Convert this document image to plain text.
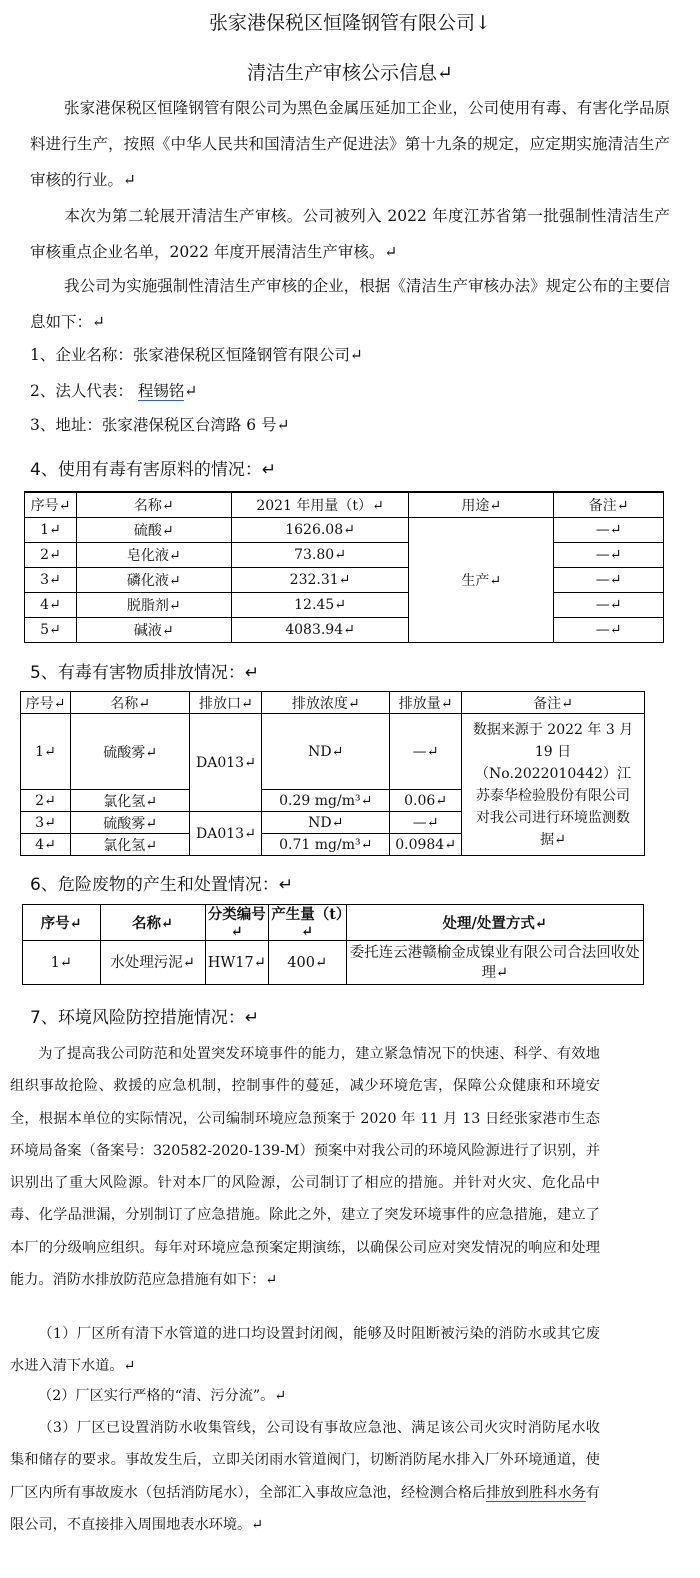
张家港保税区恒隆钢管有限公司↓
清洁生产审核公示信息↵
张家港保税区恒隆钢管有限公司为黑色金属压延加工企业，公司使用有毒、有害化学品原料进行生产，按照《中华人民共和国清洁生产促进法》第十九条的规定，应定期实施清洁生产审核的行业。↵
本次为第二轮展开清洁生产审核。公司被列入 2022 年度江苏省第一批强制性清洁生产审核重点企业名单，2022 年度开展清洁生产审核。↵
我公司为实施强制性清洁生产审核的企业，根据《清洁生产审核办法》规定公布的主要信息如下：↵
1、企业名称：张家港保税区恒隆钢管有限公司↵
2、法人代表： 程锡铭↵
3、地址：张家港保税区台湾路 6 号↵
4、使用有毒有害原料的情况：↵
序号↵	名称↵	2021 年用量（t）↵	用途↵	备注↵
1↵	硫酸↵	1626.08↵	生产↵	—↵
2↵	皂化液↵	73.80↵		—↵
3↵	磷化液↵	232.31↵		—↵
4↵	脱脂剂↵	12.45↵		—↵
5↵	碱液↵	4083.94↵		—↵
5、有毒有害物质排放情况：↵
序号↵	名称↵	排放口↵	排放浓度↵	排放量↵	备注↵
1↵	硫酸雾↵	DA013↵	ND↵	—↵	数据来源于 2022 年 3 月 19 日（No.2022010442）江苏泰华检验股份有限公司对我公司进行环境监测数据↵
2↵	氯化氢↵		0.29 mg/m³↵	0.06↵	
3↵	硫酸雾↵	DA013↵	ND↵	—↵	
4↵	氯化氢↵		0.71 mg/m³↵	0.0984↵	
6、危险废物的产生和处置情况：↵
序号↵	名称↵	分类编号↵	产生量（t）↵	处理/处置方式↵
1↵	水处理污泥↵	HW17↵	400↵	委托连云港赣榆金成镍业有限公司合法回收处理↵
7、环境风险防控措施情况：↵
为了提高我公司防范和处置突发环境事件的能力，建立紧急情况下的快速、科学、有效地组织事故抢险、救援的应急机制，控制事件的蔓延，减少环境危害，保障公众健康和环境安全，根据本单位的实际情况，公司编制环境应急预案于 2020 年 11 月 13 日经张家港市生态环境局备案（备案号：320582-2020-139-M）预案中对我公司的环境风险源进行了识别，并识别出了重大风险源。针对本厂的风险源，公司制订了相应的措施。并针对火灾、危化品中毒、化学品泄漏，分别制订了应急措施。除此之外，建立了突发环境事件的应急措施，建立了本厂的分级响应组织。每年对环境应急预案定期演练，以确保公司应对突发情况的响应和处理能力。消防水排放防范应急措施有如下：↵
（1）厂区所有清下水管道的进口均设置封闭阀，能够及时阻断被污染的消防水或其它废水进入清下水道。↵
（2）厂区实行严格的“清、污分流”。↵
（3）厂区已设置消防水收集管线，公司设有事故应急池、满足该公司火灾时消防尾水收集和储存的要求。事故发生后，立即关闭雨水管道阀门，切断消防尾水排入厂外环境通道，使厂区内所有事故废水（包括消防尾水），全部汇入事故应急池，经检测合格后排放到胜科水务有限公司，不直接排入周围地表水环境。↵
